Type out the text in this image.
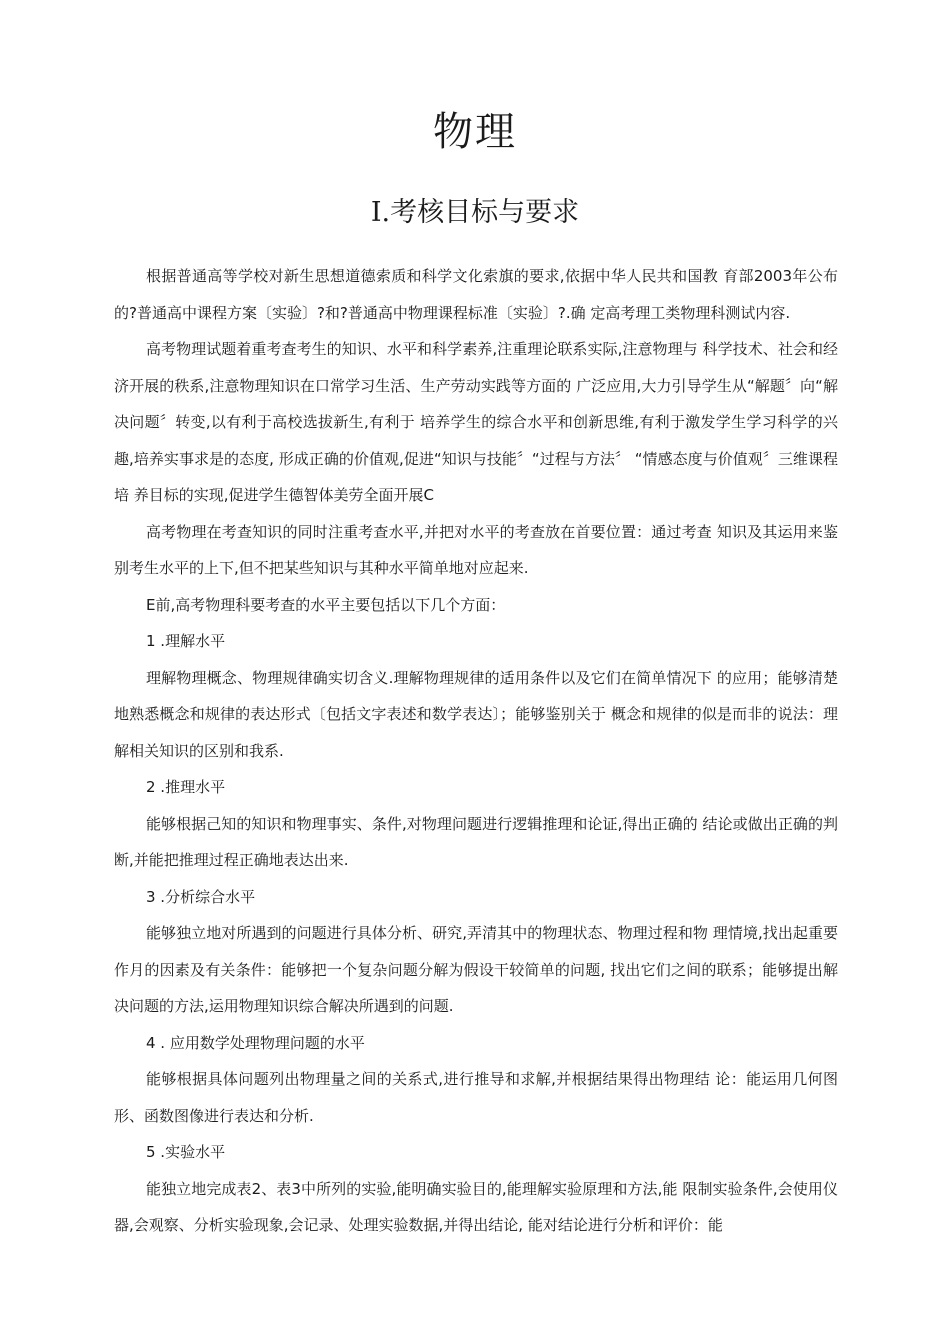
物理
I.考核目标与要求

根据普通高等学校对新生思想道德索质和科学文化索旗的要求,依据中华人民共和国教 育部2003年公布的?普通高中课程方案〔实验〕?和?普通高中物理课程标准〔实验〕?.确 定高考理工类物理科测试内容.

高考物理试题着重考查考生的知识、水平和科学素养,注重理论联系实际,注意物理与 科学技术、社会和经济开展的秩系,注意物理知识在口常学习生活、生产劳动实践等方面的 广泛应用,大力引导学生从“解题〞向“解决问题〞转变,以有利于高校选拔新生,有利于 培养学生的综合水平和创新思维,有利于激发学生学习科学的兴趣,培养实事求是的态度, 形成正确的价值观,促进“知识与技能〞“过程与方法〞 “情感态度与价值观〞三维课程培 养目标的实现,促进学生德智体美劳全面开展C

高考物理在考查知识的同时注重考查水平,并把对水平的考查放在首要位置：通过考查 知识及其运用来鉴别考生水平的上下,但不把某些知识与其种水平简单地对应起来.

E前,高考物理科要考查的水平主要包括以下几个方面：

1 .理解水平

理解物理概念、物理规律确实切含义.理解物理规律的适用条件以及它们在简单情况下 的应用；能够清楚地熟悉概念和规律的表达形式〔包括文字表述和数学表达〕；能够鉴别关于 概念和规律的似是而非的说法：理解相关知识的区别和我系.

2 .推理水平

能够根据己知的知识和物理事实、条件,对物理问题进行逻辑推理和论证,得出正确的 结论或做出正确的判断,并能把推理过程正确地表达出来.

3 .分析综合水平

能够独立地对所遇到的问题进行具体分析、研究,弄清其中的物理状态、物理过程和物 理情境,找出起重要作月的因素及有关条件：能够把一个复杂问题分解为假设干较简单的问题, 找出它们之间的联系；能够提出解决问题的方法,运用物理知识综合解决所遇到的问题.

4 . 应用数学处理物理问题的水平

能够根据具体问题列出物理量之间的关系式,进行推导和求解,并根据结果得出物理结 论：能运用几何图形、函数图像进行表达和分析.

5 .实验水平

能独立地完成表2、表3中所列的实验,能明确实验目的,能理解实验原理和方法,能 限制实验条件,会使用仪器,会观察、分析实验现象,会记录、处理实验数据,并得出结论, 能对结论进行分析和评价：能
